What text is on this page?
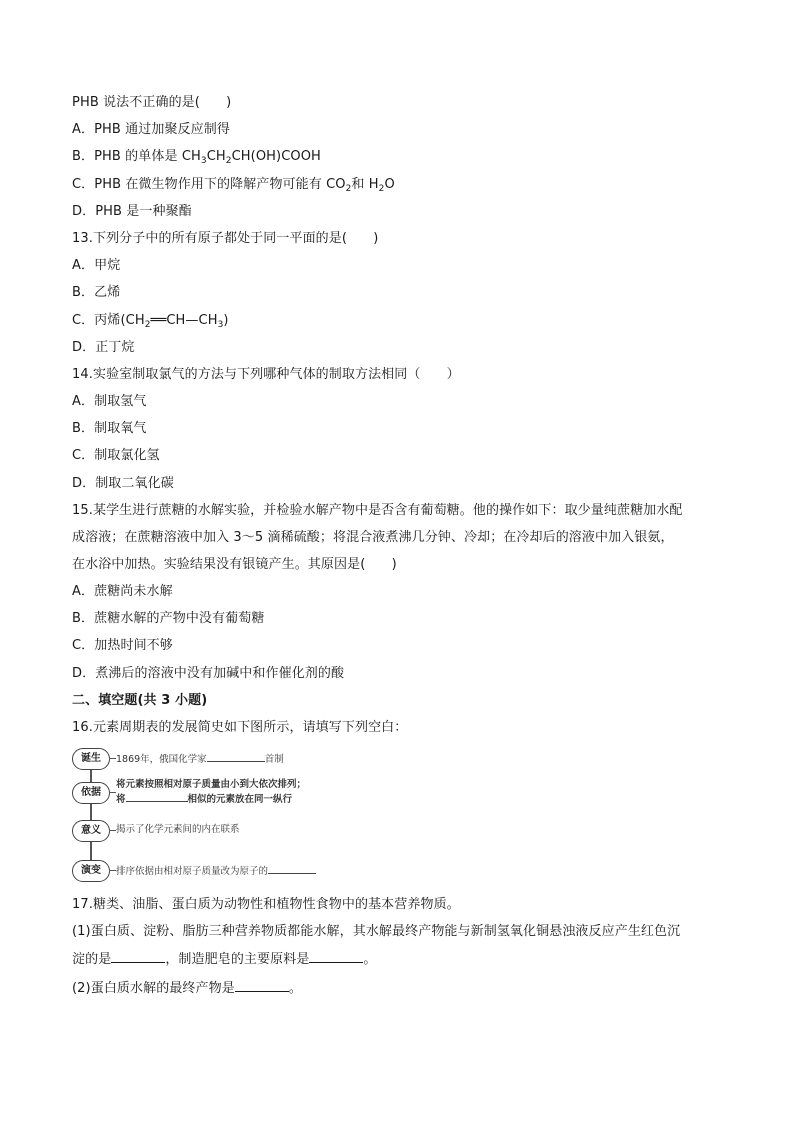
PHB 说法不正确的是(　　)
A．PHB 通过加聚反应制得
B．PHB 的单体是 $CH_3CH_2CH(OH)COOH$
C．PHB 在微生物作用下的降解产物可能有 $CO_2$和 $H_2O$
D．PHB 是一种聚酯
13.下列分子中的所有原子都处于同一平面的是(　　)
A．甲烷
B．乙烯
C．丙烯$(CH_2══CH—CH_3)$
D．正丁烷
14.实验室制取氯气的方法与下列哪种气体的制取方法相同（　　）
A．制取氢气
B．制取氧气
C．制取氯化氢
D．制取二氧化碳
15.某学生进行蔗糖的水解实验，并检验水解产物中是否含有葡萄糖。他的操作如下：取少量纯蔗糖加水配
成溶液；在蔗糖溶液中加入 3～5 滴稀硫酸；将混合液煮沸几分钟、冷却；在冷却后的溶液中加入银氨，
在水浴中加热。实验结果没有银镜产生。其原因是(　　)
A．蔗糖尚未水解
B．蔗糖水解的产物中没有葡萄糖
C．加热时间不够
D．煮沸后的溶液中没有加碱中和作催化剂的酸
二、填空题(共 3 小题)
16.元素周期表的发展简史如下图所示，请填写下列空白：
诞生	1869年，俄国化学家	首制
依据
将元素按照相对原子质量由小到大依次排列；
将	相似的元素放在同一纵行
意义	揭示了化学元素间的内在联系
演变	排序依据由相对原子质量改为原子的
17.糖类、油脂、蛋白质为动物性和植物性食物中的基本营养物质。
(1)蛋白质、淀粉、脂肪三种营养物质都能水解，其水解最终产物能与新制氢氧化铜悬浊液反应产生红色沉
淀的是	，制造肥皂的主要原料是	。
(2)蛋白质水解的最终产物是	。
